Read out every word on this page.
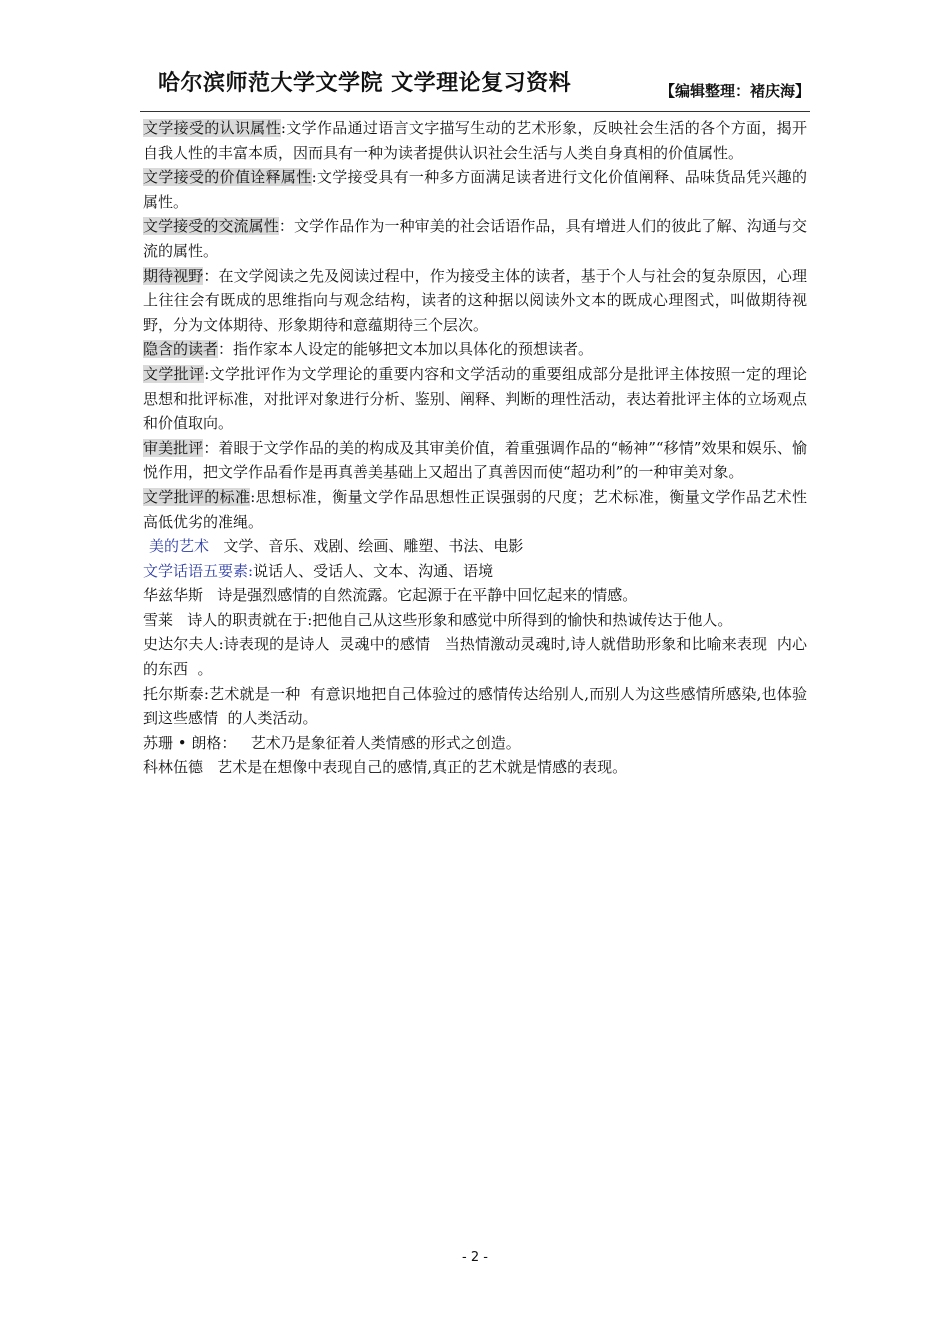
哈尔滨师范大学文学院 文学理论复习资料	【编辑整理：褚庆海】

文学接受的认识属性:文学作品通过语言文字描写生动的艺术形象，反映社会生活的各个方面，揭开自我人性的丰富本质，因而具有一种为读者提供认识社会生活与人类自身真相的价值属性。

文学接受的价值诠释属性:文学接受具有一种多方面满足读者进行文化价值阐释、品味货品凭兴趣的属性。

文学接受的交流属性：文学作品作为一种审美的社会话语作品，具有增进人们的彼此了解、沟通与交流的属性。

期待视野：在文学阅读之先及阅读过程中，作为接受主体的读者，基于个人与社会的复杂原因，心理上往往会有既成的思维指向与观念结构，读者的这种据以阅读外文本的既成心理图式，叫做期待视野，分为文体期待、形象期待和意蕴期待三个层次。

隐含的读者：指作家本人设定的能够把文本加以具体化的预想读者。

文学批评:文学批评作为文学理论的重要内容和文学活动的重要组成部分是批评主体按照一定的理论思想和批评标准，对批评对象进行分析、鉴别、阐释、判断的理性活动，表达着批评主体的立场观点和价值取向。

审美批评：着眼于文学作品的美的构成及其审美价值，着重强调作品的“畅神”“移情”效果和娱乐、愉悦作用，把文学作品看作是再真善美基础上又超出了真善因而使“超功利”的一种审美对象。

文学批评的标准:思想标准，衡量文学作品思想性正误强弱的尺度；艺术标准，衡量文学作品艺术性高低优劣的准绳。

美的艺术   文学、音乐、戏剧、绘画、雕塑、书法、电影

文学话语五要素:说话人、受话人、文本、沟通、语境

华兹华斯   诗是强烈感情的自然流露。它起源于在平静中回忆起来的情感。

雪莱   诗人的职责就在于:把他自己从这些形象和感觉中所得到的愉快和热诚传达于他人。

史达尔夫人:诗表现的是诗人  灵魂中的感情   当热情激动灵魂时,诗人就借助形象和比喻来表现  内心的东西  。

托尔斯泰:艺术就是一种  有意识地把自己体验过的感情传达给别人,而别人为这些感情所感染,也体验到这些感情  的人类活动。

苏珊 • 朗格：   艺术乃是象征着人类情感的形式之创造。

科林伍德   艺术是在想像中表现自己的感情,真正的艺术就是情感的表现。

- 2 -
